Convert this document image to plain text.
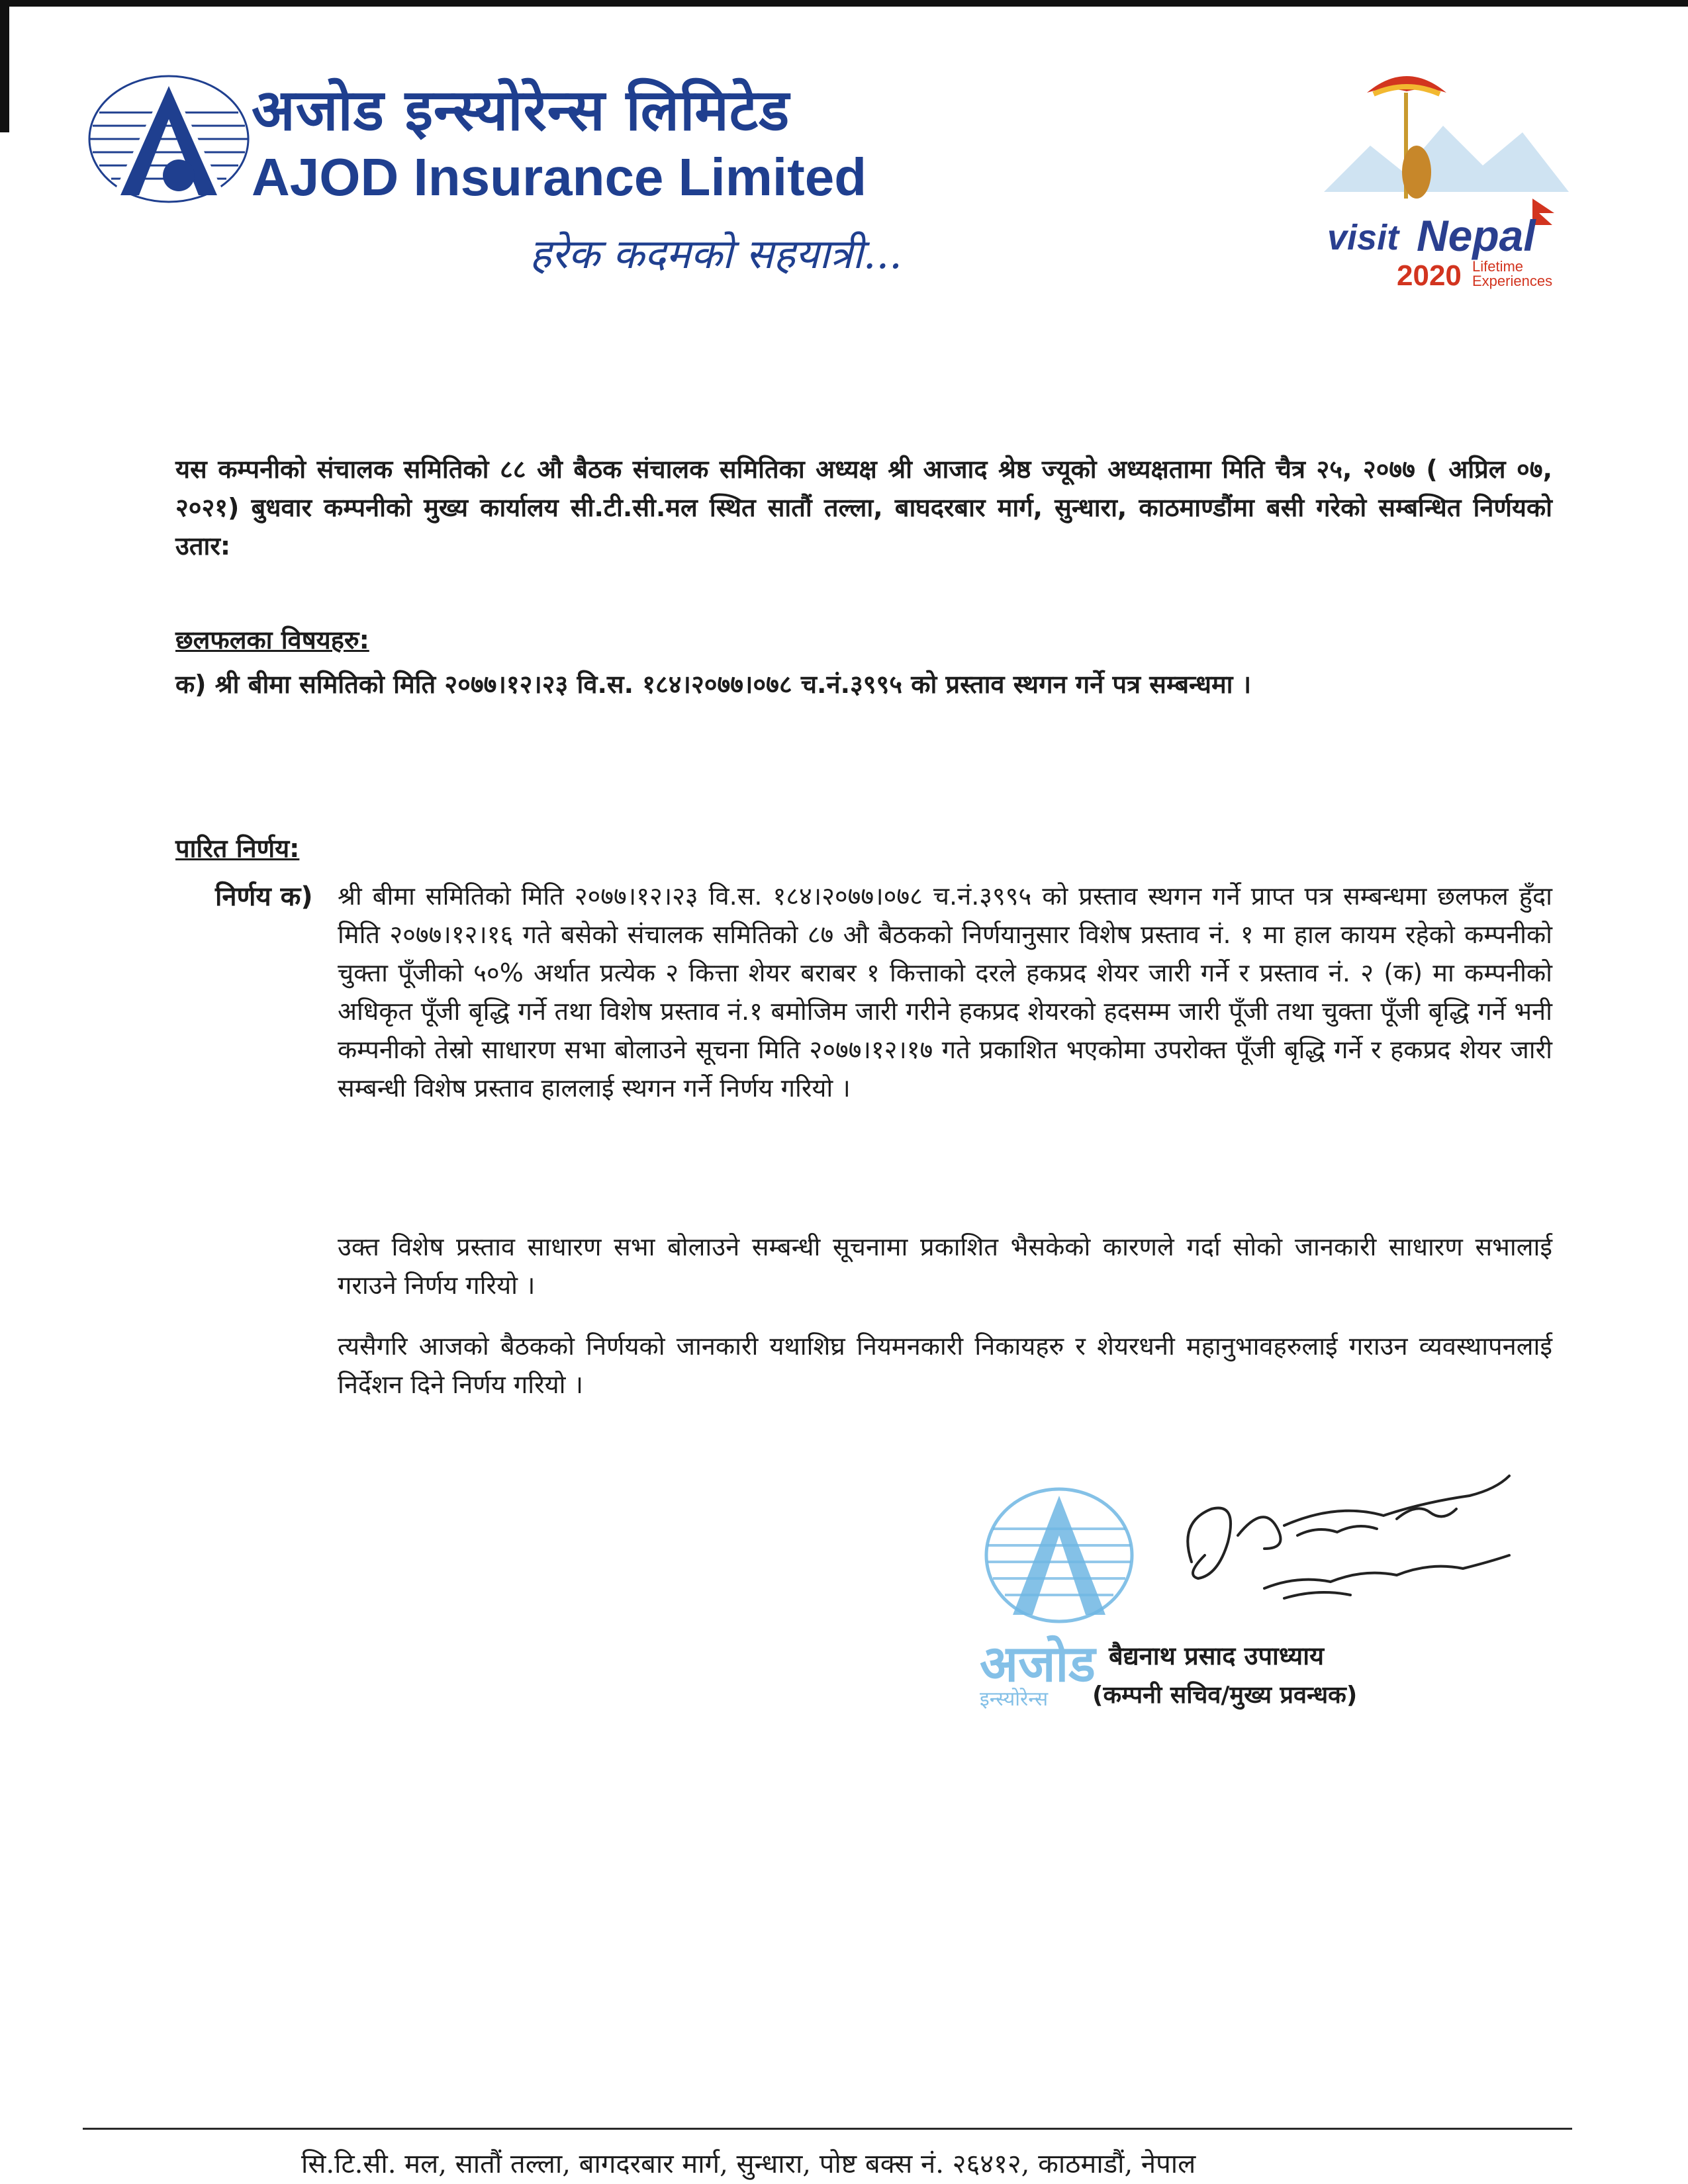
अजोड इन्स्योरेन्स लिमिटेड
AJOD Insurance Limited
हरेक कदमको सहयात्री...	visit Nepal
2020 Lifetime
Experiences
यस कम्पनीको संचालक समितिको ८८ औ बैठक संचालक समितिका अध्यक्ष श्री आजाद श्रेष्ठ ज्यूको अध्यक्षतामा मिति चैत्र २५, २०७७ ( अप्रिल ०७, २०२१) बुधवार कम्पनीको मुख्य कार्यालय सी.टी.सी.मल स्थित सातौं तल्ला, बाघदरबार मार्ग, सुन्धारा, काठमाण्डौंमा बसी गरेको सम्बन्धित निर्णयको उतार:
छलफलका विषयहरु:
क) श्री बीमा समितिको मिति २०७७।१२।२३ वि.स. १८४।२०७७।०७८ च.नं.३९९५ को प्रस्ताव स्थगन गर्ने पत्र सम्बन्धमा ।
पारित निर्णय:
निर्णय क) श्री बीमा समितिको मिति २०७७।१२।२३ वि.स. १८४।२०७७।०७८ च.नं.३९९५ को प्रस्ताव स्थगन गर्ने प्राप्त पत्र सम्बन्धमा छलफल हुँदा मिति २०७७।१२।१६ गते बसेको संचालक समितिको ८७ औ बैठकको निर्णयानुसार विशेष प्रस्ताव नं. १ मा हाल कायम रहेको कम्पनीको चुक्ता पूँजीको ५०% अर्थात प्रत्येक २ कित्ता शेयर बराबर १ कित्ताको दरले हकप्रद शेयर जारी गर्ने र प्रस्ताव नं. २ (क) मा कम्पनीको अधिकृत पूँजी बृद्धि गर्ने तथा विशेष प्रस्ताव नं.१ बमोजिम जारी गरीने हकप्रद शेयरको हदसम्म जारी पूँजी तथा चुक्ता पूँजी बृद्धि गर्ने भनी कम्पनीको तेस्रो साधारण सभा बोलाउने सूचना मिति २०७७।१२।१७ गते प्रकाशित भएकोमा उपरोक्त पूँजी बृद्धि गर्ने र हकप्रद शेयर जारी सम्बन्धी विशेष प्रस्ताव हाललाई स्थगन गर्ने निर्णय गरियो ।
उक्त विशेष प्रस्ताव साधारण सभा बोलाउने सम्बन्धी सूचनामा प्रकाशित भैसकेको कारणले गर्दा सोको जानकारी साधारण सभालाई गराउने निर्णय गरियो ।
त्यसैगरि आजको बैठकको निर्णयको जानकारी यथाशिघ्र नियमनकारी निकायहरु र शेयरधनी महानुभावहरुलाई गराउन व्यवस्थापनलाई निर्देशन दिने निर्णय गरियो ।
अजोड
इन्स्योरेन्स
बैद्यनाथ प्रसाद उपाध्याय
(कम्पनी सचिव/मुख्य प्रवन्धक)
सि.टि.सी. मल, सातौं तल्ला, बागदरबार मार्ग, सुन्धारा, पोष्ट बक्स नं. २६४१२, काठमाडौं, नेपाल
